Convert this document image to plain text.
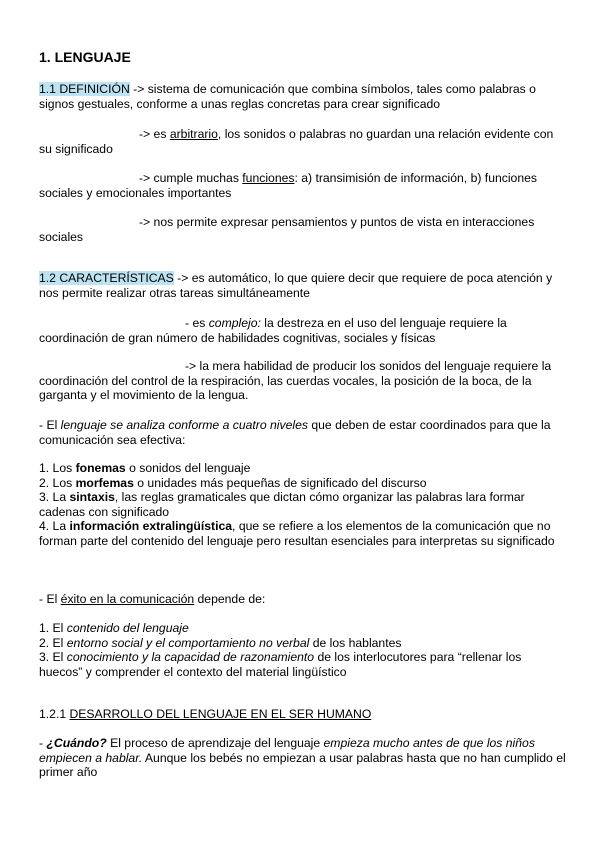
1. LENGUAJE
1.1 DEFINICIÓN -> sistema de comunicación que combina símbolos, tales como palabras o signos gestuales, conforme a unas reglas concretas para crear significado
-> es arbitrario, los sonidos o palabras no guardan una relación evidente con su significado
-> cumple muchas funciones: a) transimisión de información, b) funciones sociales y emocionales importantes
-> nos permite expresar pensamientos y puntos de vista en interacciones sociales
1.2 CARACTERÍSTICAS -> es automático, lo que quiere decir que requiere de poca atención y nos permite realizar otras tareas simultáneamente
- es complejo: la destreza en el uso del lenguaje requiere la coordinación de gran número de habilidades cognitivas, sociales y físicas
-> la mera habilidad de producir los sonidos del lenguaje requiere la coordinación del control de la respiración, las cuerdas vocales, la posición de la boca, de la garganta y el movimiento de la lengua.
- El lenguaje se analiza conforme a cuatro niveles que deben de estar coordinados para que la comunicación sea efectiva:
1. Los fonemas o sonidos del lenguaje
2. Los morfemas o unidades más pequeñas de significado del discurso
3. La sintaxis, las reglas gramaticales que dictan cómo organizar las palabras lara formar cadenas con significado
4. La información extralingüística, que se refiere a los elementos de la comunicación que no forman parte del contenido del lenguaje pero resultan esenciales para interpretas su significado
- El éxito en la comunicación depende de:
1. El contenido del lenguaje
2. El entorno social y el comportamiento no verbal de los hablantes
3. El conocimiento y la capacidad de razonamiento de los interlocutores para “rellenar los huecos” y comprender el contexto del material lingüístico
1.2.1 DESARROLLO DEL LENGUAJE EN EL SER HUMANO
- ¿Cuándo? El proceso de aprendizaje del lenguaje empieza mucho antes de que los niños empiecen a hablar. Aunque los bebés no empiezan a usar palabras hasta que no han cumplido el primer año
